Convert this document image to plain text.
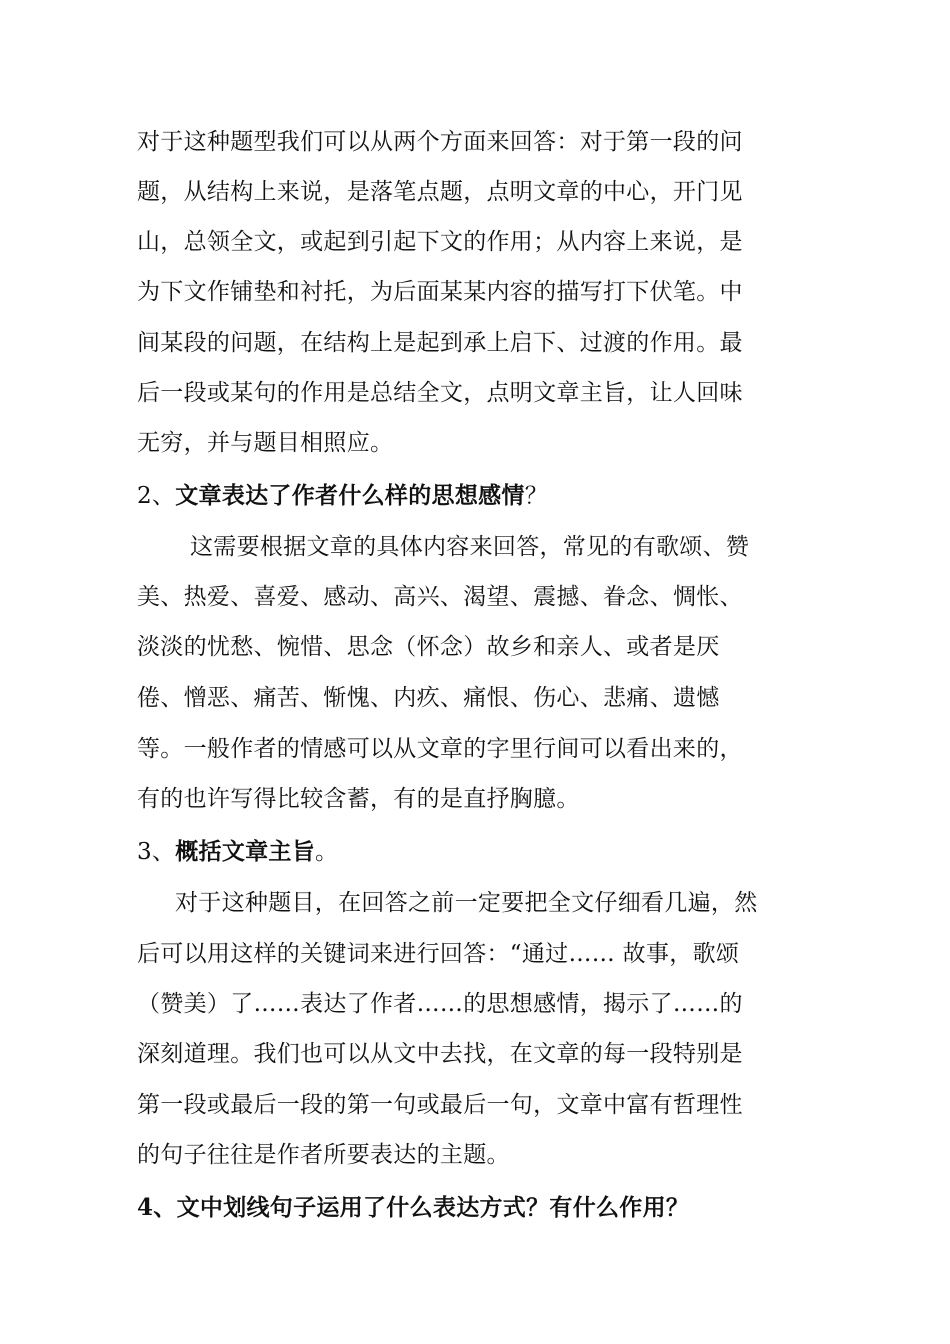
对于这种题型我们可以从两个方面来回答：对于第一段的问
题，从结构上来说，是落笔点题，点明文章的中心，开门见
山，总领全文，或起到引起下文的作用；从内容上来说，是
为下文作铺垫和衬托，为后面某某内容的描写打下伏笔。中
间某段的问题，在结构上是起到承上启下、过渡的作用。最
后一段或某句的作用是总结全文，点明文章主旨，让人回味
无穷，并与题目相照应。
2、文章表达了作者什么样的思想感情？
这需要根据文章的具体内容来回答，常见的有歌颂、赞
美、热爱、喜爱、感动、高兴、渴望、震撼、眷念、惆怅、
淡淡的忧愁、惋惜、思念（怀念）故乡和亲人、或者是厌
倦、憎恶、痛苦、惭愧、内疚、痛恨、伤心、悲痛、遗憾
等。一般作者的情感可以从文章的字里行间可以看出来的，
有的也许写得比较含蓄，有的是直抒胸臆。
3、概括文章主旨。
对于这种题目，在回答之前一定要把全文仔细看几遍，然
后可以用这样的关键词来进行回答：“通过…… 故事，歌颂
（赞美）了……表达了作者……的思想感情，揭示了……的
深刻道理。我们也可以从文中去找，在文章的每一段特别是
第一段或最后一段的第一句或最后一句，文章中富有哲理性
的句子往往是作者所要表达的主题。
4、文中划线句子运用了什么表达方式？有什么作用？
